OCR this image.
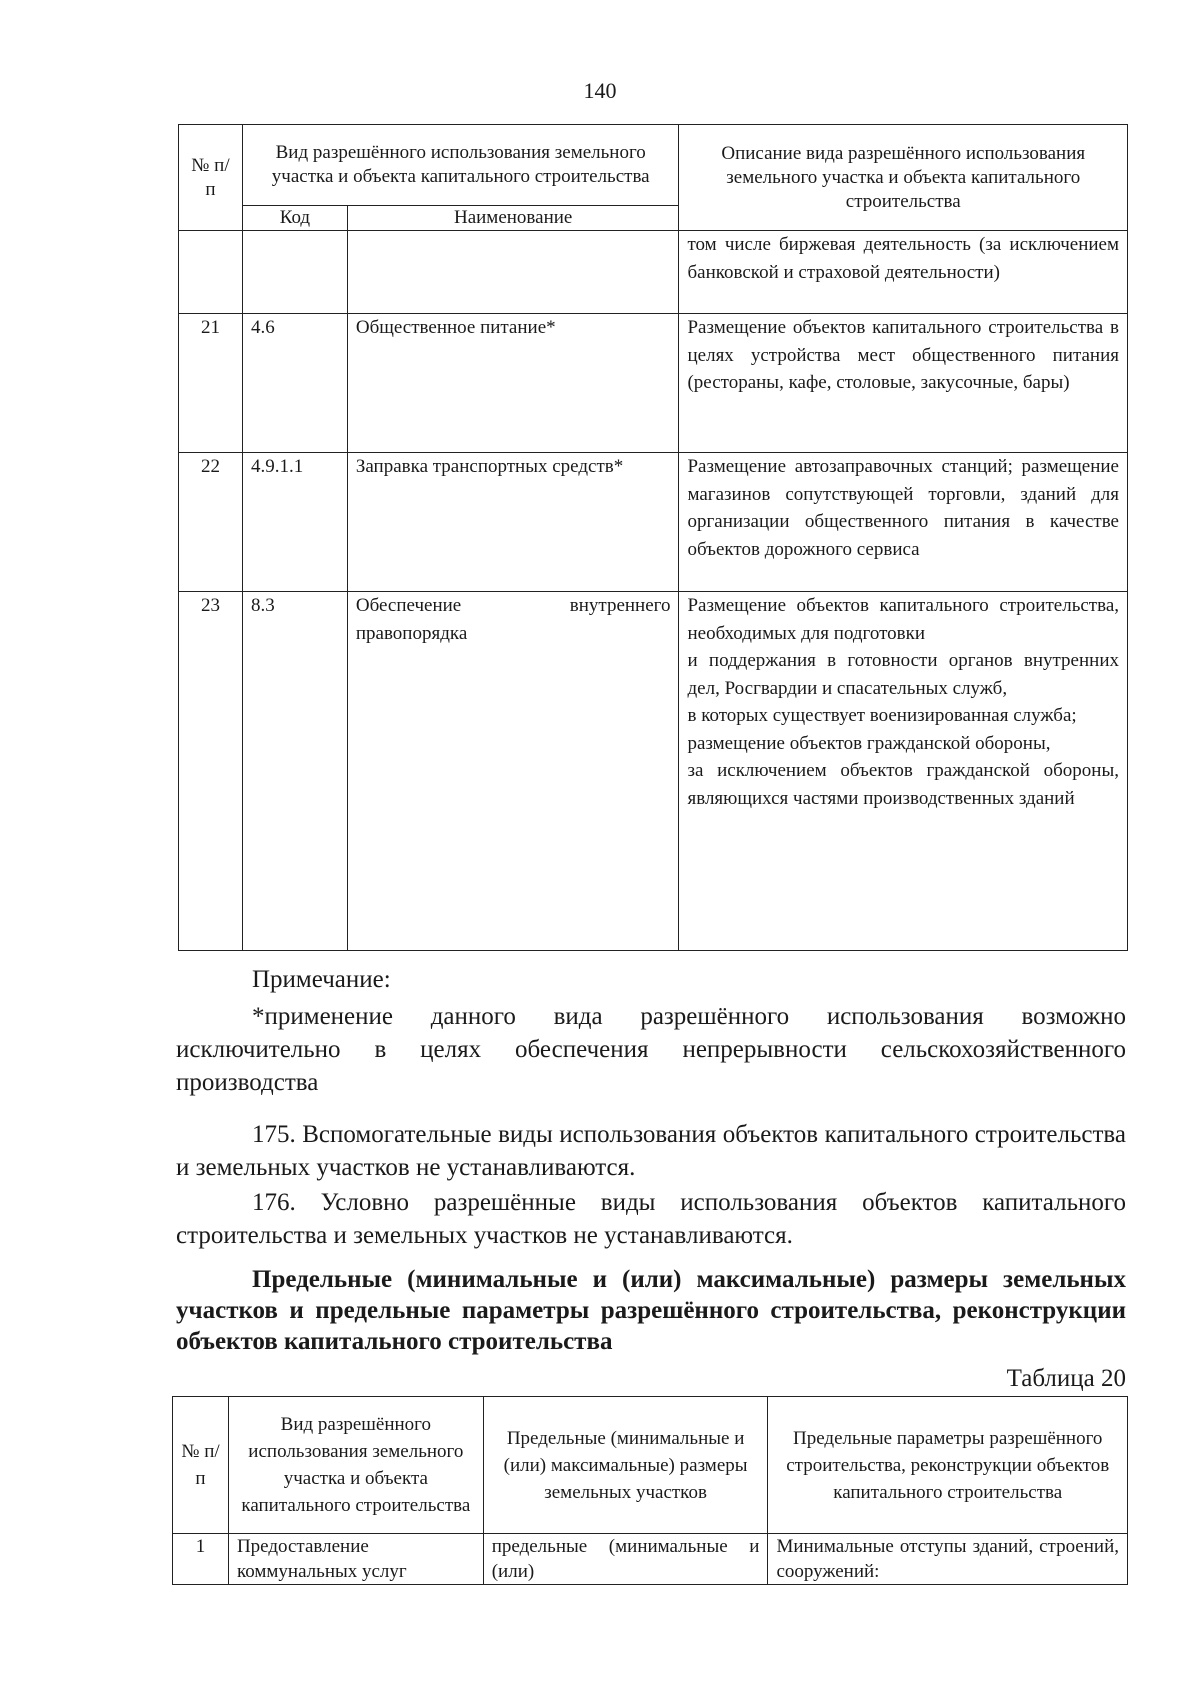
140
№ п/п	Вид разрешённого использования земельного участка и объекта капитального строительства		Описание вида разрешённого использования земельного участка и объекта капитального строительства
	Код	Наименование	
			том числе биржевая деятельность (за исключением банковской и страховой деятельности)
21	4.6	Общественное питание*	Размещение объектов капитального строительства в целях устройства мест общественного питания (рестораны, кафе, столовые, закусочные, бары)
22	4.9.1.1	Заправка транспортных средств*	Размещение автозаправочных станций; размещение магазинов сопутствующей торговли, зданий для организации общественного питания в качестве объектов дорожного сервиса
23	8.3	Обеспечение внутреннего правопорядка	Размещение объектов капитального строительства, необходимых для подготовки
и поддержания в готовности органов внутренних дел, Росгвардии и спасательных служб,
в которых существует военизированная служба;
размещение объектов гражданской обороны,
за исключением объектов гражданской обороны, являющихся частями производственных зданий
Примечание:

*применение данного вида разрешённого использования возможно исключительно в целях обеспечения непрерывности сельскохозяйственного производства

175. Вспомогательные виды использования объектов капитального строительства и земельных участков не устанавливаются.

176. Условно разрешённые виды использования объектов капитального строительства и земельных участков не устанавливаются.

Предельные (минимальные и (или) максимальные) размеры земельных участков и предельные параметры разрешённого строительства, реконструкции объектов капитального строительства

Таблица 20
№ п/п	Вид разрешённого использования земельного участка и объекта капитального строительства	Предельные (минимальные и (или) максимальные) размеры земельных участков	Предельные параметры разрешённого строительства, реконструкции объектов капитального строительства
1	Предоставление коммунальных услуг	предельные (минимальные и (или)	Минимальные отступы зданий, строений, сооружений:
